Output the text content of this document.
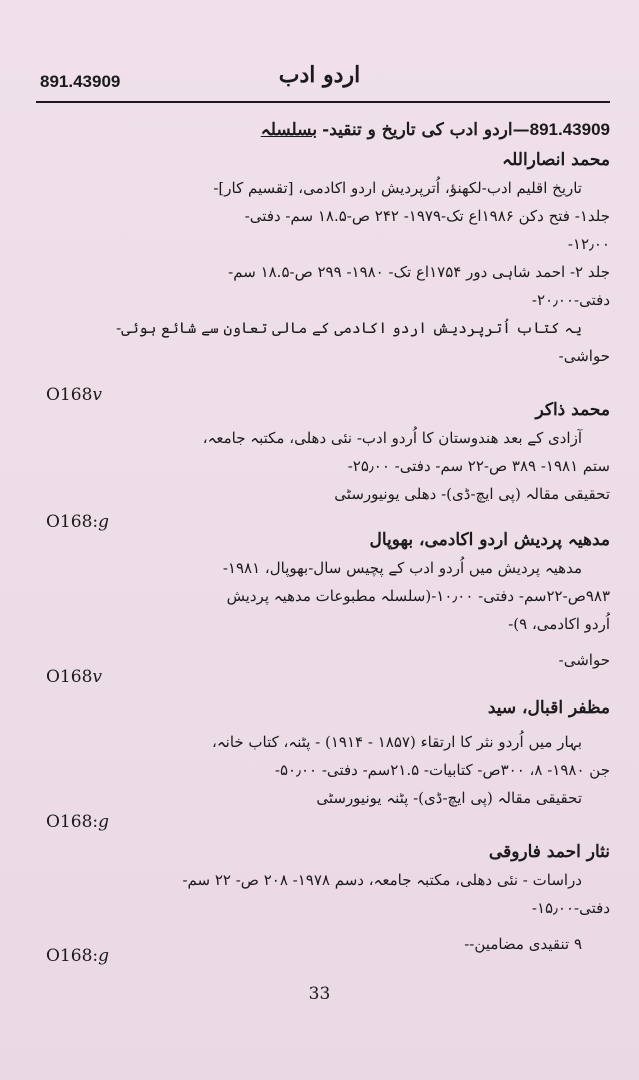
891.43909	اردو ادب
891.43909—اردو ادب کی تاریخ و تنقید- بسلسلہ
محمد انصاراللہ
تاریخ اقلیم ادب-لکھنؤ، اُترپردیش اردو اکادمی، [تقسیم کار]-
جلد۱- فتح دکن ۱۹۸۶اع تک-۱۹۷۹- ۲۴۲ ص-۱۸.۵ سم- دفتی-
۱۲٫۰۰-
جلد ۲- احمد شاہی دور ۱۷۵۴اع تک- ۱۹۸۰- ۲۹۹ ص-۱۸.۵ سم-
دفتی-۲۰٫۰۰-
یہ کتاب اُترپردیش اردو اکادمی کے مالی تعاون سے شائع ہوئی-
حواشی-
O168v
محمد ذاکر
آزادی کے بعد هندوستان کا اُردو ادب- نئی دهلی، مکتبہ جامعہ،
ستم ۱۹۸۱- ۳۸۹ ص-۲۲ سم- دفتی- ۲۵٫۰۰-
تحقیقی مقالہ (پی ایچ-ڈی)- دهلی یونیورسٹی
O168:g
مدھیہ پردیش اردو اکادمی، بھوپال
مدھیہ پردیش میں اُردو ادب کے پچیس سال-بھوپال، ۱۹۸۱-
۹۸۳ص-۲۲سم- دفتی- ۱۰٫۰۰-(سلسلہ مطبوعات مدھیہ پردیش
اُردو اکادمی، ۹)-
حواشی-
O168v
مظفر اقبال، سید
بہار میں اُردو نثر کا ارتقاء (۱۸۵۷ - ۱۹۱۴) - پٹنہ، کتاب خانہ،
جن ۱۹۸۰- ۸، ۳۰۰ص- کتابیات- ۲۱.۵سم- دفتی- ۵۰٫۰۰-
تحقیقی مقالہ (پی ایچ-ڈی)- پٹنہ یونیورسٹی
O168:g
نثار احمد فاروقی
دراسات - نئی دهلی، مکتبہ جامعہ، دسم ۱۹۷۸- ۲۰۸ ص- ۲۲ سم-
دفتی-۱۵٫۰۰-
۹ تنقیدی مضامین--
O168:g
33
